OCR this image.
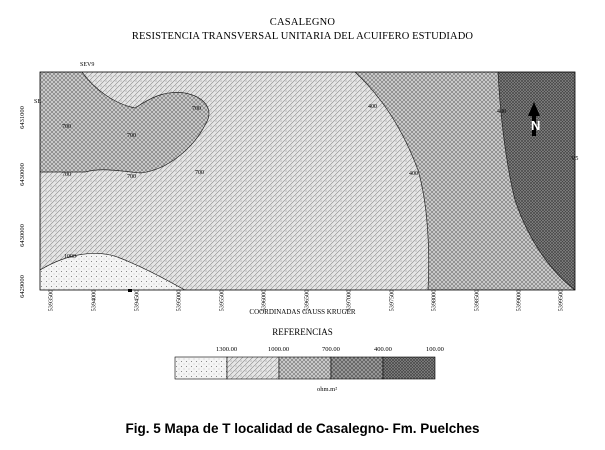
CASALEGNO
RESISTENCIA TRANSVERSAL UNITARIA DEL ACUIFERO ESTUDIADO
6431000
6430000
6430000
6429000
5393500	5394000	5394500	5395000	5395500	5396000	5396500	5397000	5397500	5398000	5398500	5399000	5399500
COORDINADAS GAUSS KRUGER
SEV9
SE
V5
700
700
700
700
1000
700
700
400
400
400
N
REFERENCIAS
1300.00	1000.00	700.00	400.00	100.00
ohm.m²
Fig. 5 Mapa de T localidad de Casalegno- Fm. Puelches
